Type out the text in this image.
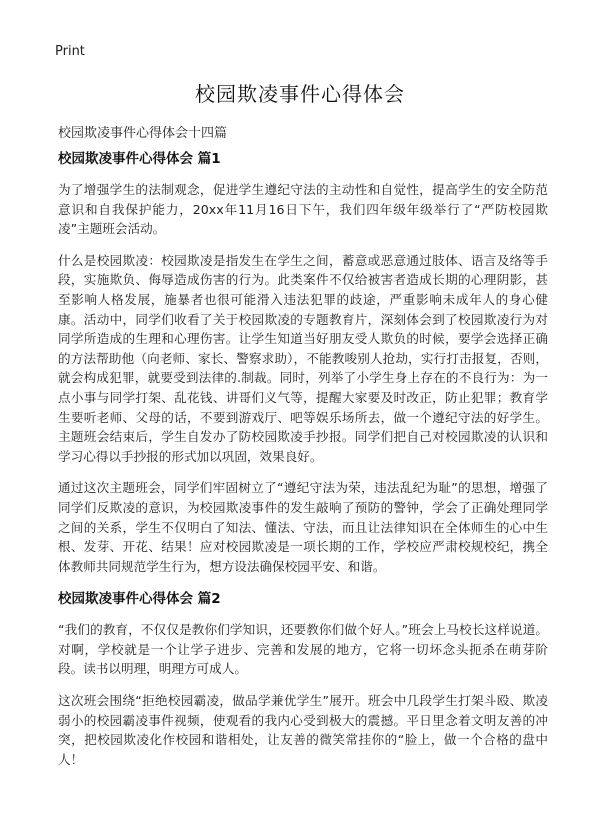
Print
校园欺凌事件心得体会
校园欺凌事件心得体会十四篇
校园欺凌事件心得体会 篇1

为了增强学生的法制观念，促进学生遵纪守法的主动性和自觉性，提高学生的安全防范意识和自我保护能力，20xx年11月16日下午，我们四年级年级举行了“严防校园欺凌”主题班会活动。

什么是校园欺凌：校园欺凌是指发生在学生之间，蓄意或恶意通过肢体、语言及络等手段，实施欺负、侮辱造成伤害的行为。此类案件不仅给被害者造成长期的心理阴影，甚至影响人格发展，施暴者也很可能滑入违法犯罪的歧途，严重影响未成年人的身心健康。活动中，同学们收看了关于校园欺凌的专题教育片，深刻体会到了校园欺凌行为对同学所造成的生理和心理伤害。让学生知道当好朋友受人欺负的时候，要学会选择正确的方法帮助他（向老师、家长、警察求助），不能教唆别人抢劫，实行打击报复，否则，就会构成犯罪，就要受到法律的.制裁。同时，列举了小学生身上存在的不良行为：为一点小事与同学打架、乱花钱、讲哥们义气等，提醒大家要及时改正，防止犯罪；教育学生要听老师、父母的话，不要到游戏厅、吧等娱乐场所去，做一个遵纪守法的好学生。主题班会结束后，学生自发办了防校园欺凌手抄报。同学们把自己对校园欺凌的认识和学习心得以手抄报的形式加以巩固，效果良好。

通过这次主题班会，同学们牢固树立了“遵纪守法为荣，违法乱纪为耻”的思想，增强了同学们反欺凌的意识，为校园欺凌事件的发生敲响了预防的警钟，学会了正确处理同学之间的关系，学生不仅明白了知法、懂法、守法，而且让法律知识在全体师生的心中生根、发芽、开花、结果！应对校园欺凌是一项长期的工作，学校应严肃校规校纪，携全体教师共同规范学生行为，想方设法确保校园平安、和谐。

校园欺凌事件心得体会 篇2

“我们的教育，不仅仅是教你们学知识，还要教你们做个好人。”班会上马校长这样说道。对啊，学校就是一个让学子进步、完善和发展的地方，它将一切坏念头扼杀在萌芽阶段。读书以明理，明理方可成人。

这次班会围绕“拒绝校园霸凌，做品学兼优学生”展开。班会中几段学生打架斗殴、欺凌弱小的校园霸凌事件视频，使观看的我内心受到极大的震撼。平日里念着文明友善的冲突，把校园欺凌化作校园和谐相处，让友善的微笑常挂你的“脸上，做一个合格的盘中人！
